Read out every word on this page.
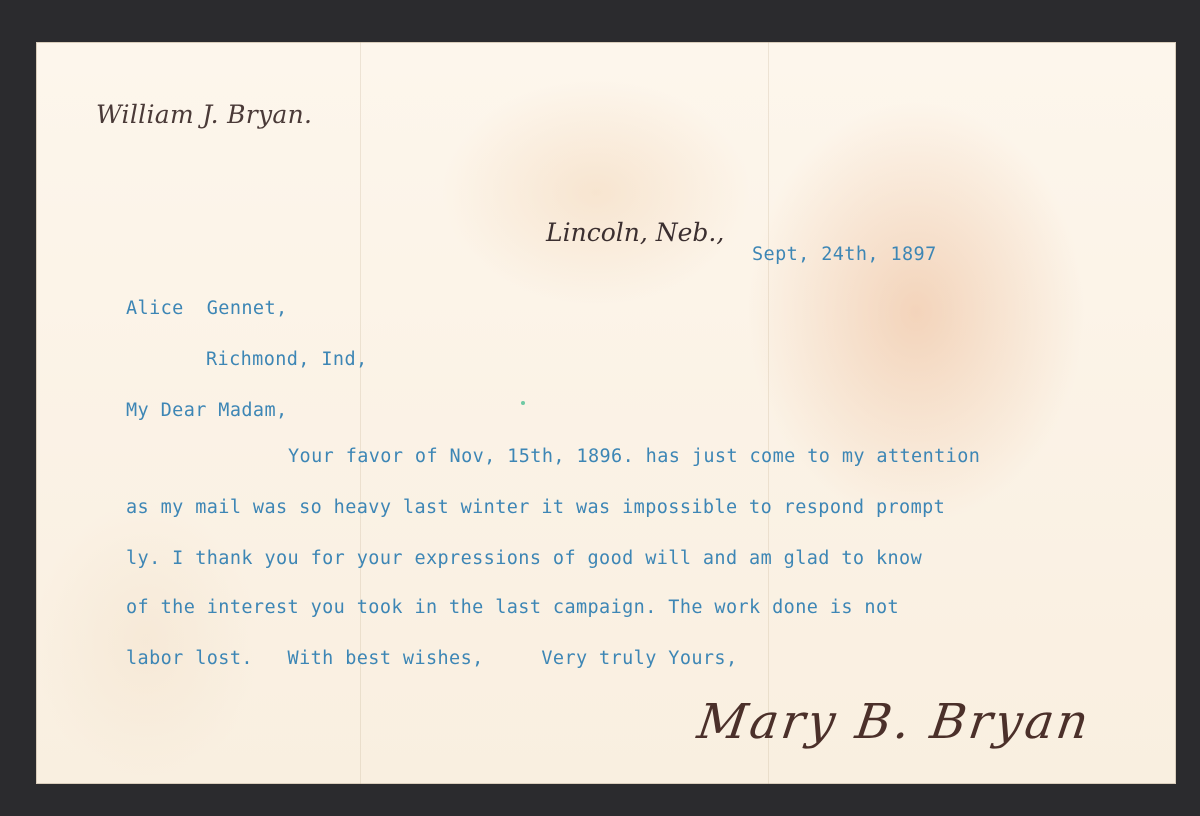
William J. Bryan.

Lincoln, Neb.,

Sept, 24th, 1897

Alice  Gennet,

Richmond, Ind,

My Dear Madam,

Your favor of Nov, 15th, 1896. has just come to my attention

as my mail was so heavy last winter it was impossible to respond prompt

ly. I thank you for your expressions of good will and am glad to know

of the interest you took in the last campaign. The work done is not

labor lost.   With best wishes,     Very truly Yours,

Mary B. Bryan
